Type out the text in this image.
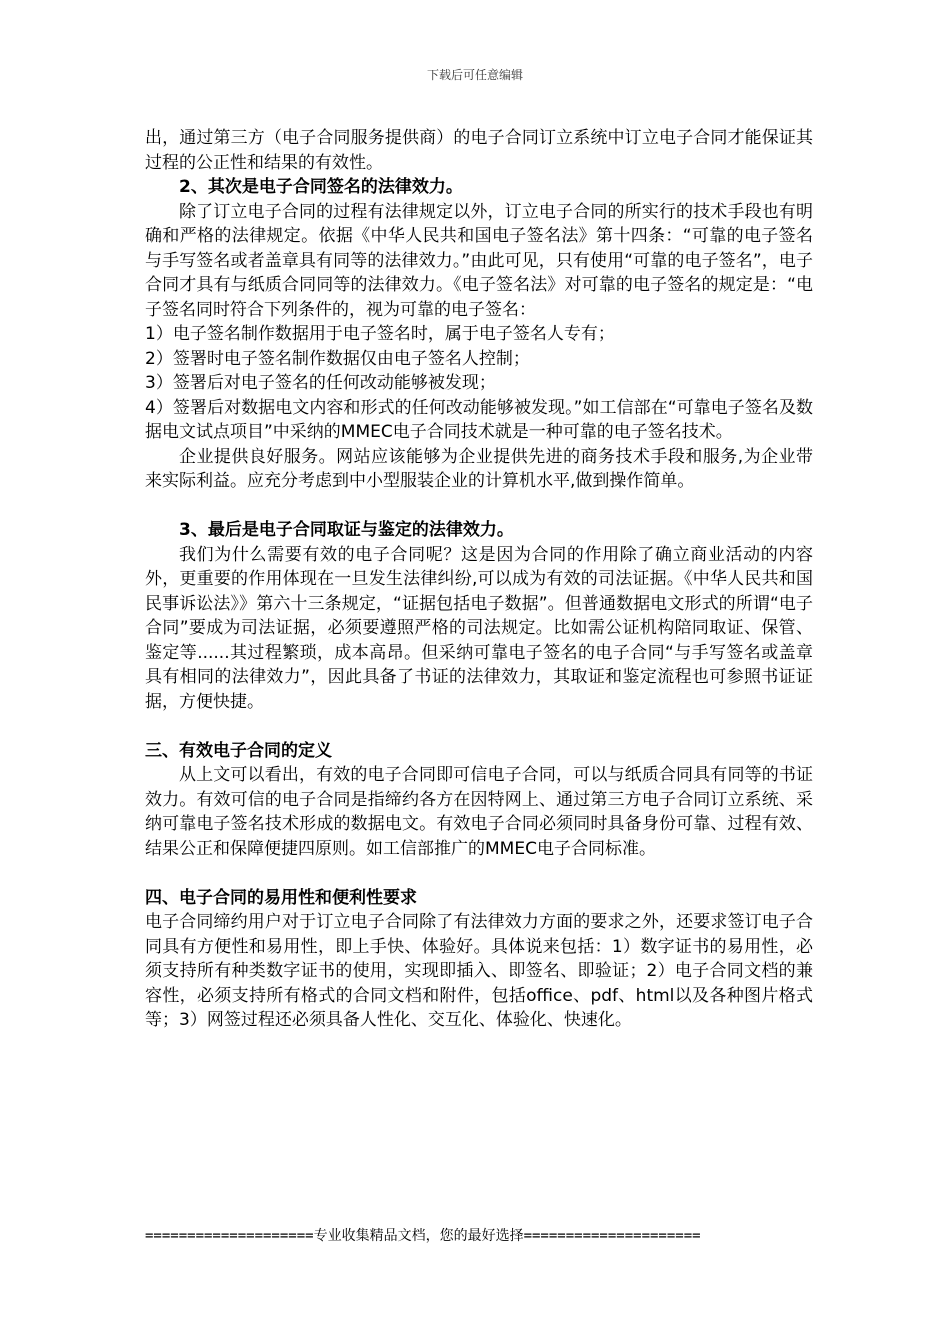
下载后可任意编辑

出，通过第三方（电子合同服务提供商）的电子合同订立系统中订立电子合同才能保证其过程的公正性和结果的有效性。

2、其次是电子合同签名的法律效力。

除了订立电子合同的过程有法律规定以外，订立电子合同的所实行的技术手段也有明确和严格的法律规定。依据《中华人民共和国电子签名法》第十四条：“可靠的电子签名与手写签名或者盖章具有同等的法律效力。”由此可见，只有使用“可靠的电子签名”，电子合同才具有与纸质合同同等的法律效力。《电子签名法》对可靠的电子签名的规定是：“电子签名同时符合下列条件的，视为可靠的电子签名：

1）电子签名制作数据用于电子签名时，属于电子签名人专有；

2）签署时电子签名制作数据仅由电子签名人控制；

3）签署后对电子签名的任何改动能够被发现；

4）签署后对数据电文内容和形式的任何改动能够被发现。”如工信部在“可靠电子签名及数据电文试点项目”中采纳的MMEC电子合同技术就是一种可靠的电子签名技术。

企业提供良好服务。网站应该能够为企业提供先进的商务技术手段和服务,为企业带来实际利益。应充分考虑到中小型服装企业的计算机水平,做到操作简单。

3、最后是电子合同取证与鉴定的法律效力。

我们为什么需要有效的电子合同呢？这是因为合同的作用除了确立商业活动的内容外，更重要的作用体现在一旦发生法律纠纷,可以成为有效的司法证据。《中华人民共和国民事诉讼法》》第六十三条规定，“证据包括电子数据”。但普通数据电文形式的所谓“电子合同”要成为司法证据，必须要遵照严格的司法规定。比如需公证机构陪同取证、保管、鉴定等......其过程繁琐，成本高昂。但采纳可靠电子签名的电子合同“与手写签名或盖章具有相同的法律效力”，因此具备了书证的法律效力，其取证和鉴定流程也可参照书证证据，方便快捷。

三、有效电子合同的定义

从上文可以看出，有效的电子合同即可信电子合同，可以与纸质合同具有同等的书证效力。有效可信的电子合同是指缔约各方在因特网上、通过第三方电子合同订立系统、采纳可靠电子签名技术形成的数据电文。有效电子合同必须同时具备身份可靠、过程有效、结果公正和保障便捷四原则。如工信部推广的MMEC电子合同标准。

四、电子合同的易用性和便利性要求

电子合同缔约用户对于订立电子合同除了有法律效力方面的要求之外，还要求签订电子合同具有方便性和易用性，即上手快、体验好。具体说来包括：1）数字证书的易用性，必须支持所有种类数字证书的使用，实现即插入、即签名、即验证；2）电子合同文档的兼容性，必须支持所有格式的合同文档和附件，包括office、pdf、html以及各种图片格式等；3）网签过程还必须具备人性化、交互化、体验化、快速化。

====================专业收集精品文档，您的最好选择=====================
